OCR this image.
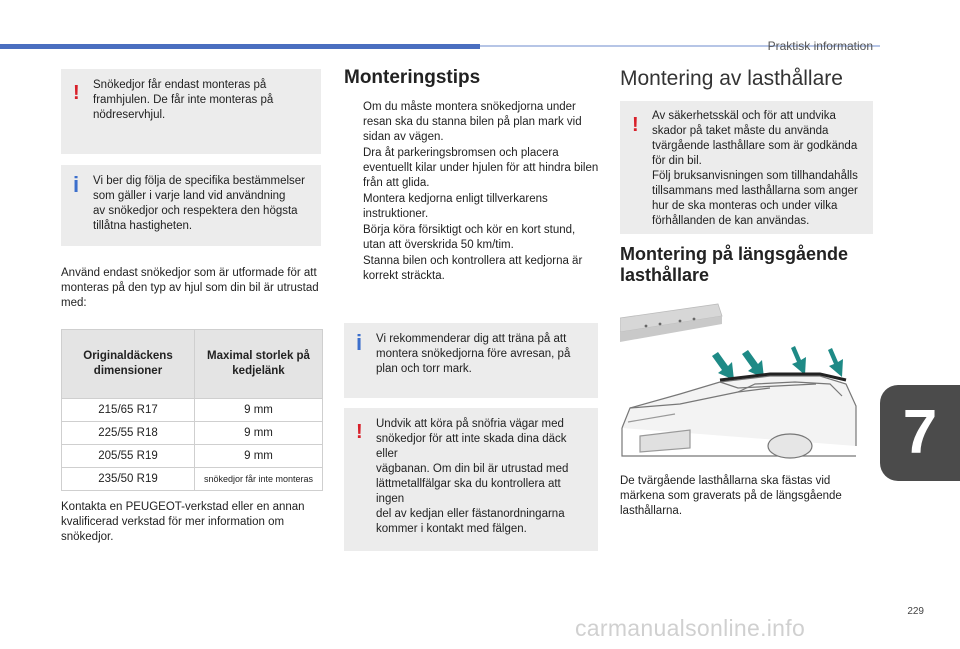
Praktisk information
!	Snökedjor får endast monteras på
framhjulen. De får inte monteras på
nödreservhjul.
i	Vi ber dig följa de specifika bestämmelser
som gäller i varje land vid användning
av snökedjor och respektera den högsta
tillåtna hastigheten.
Använd endast snökedjor som är utformade för att monteras på den typ av hjul som din bil är utrustad med:
Originaldäckens dimensioner	Maximal storlek på kedjelänk
215/65 R17	9 mm
225/55 R18	9 mm
205/55 R19	9 mm
235/50 R19	snökedjor får inte monteras
Kontakta en PEUGEOT-verkstad eller en annan kvalificerad verkstad för mer information om snökedjor.
Monteringstips
Om du måste montera snökedjorna under resan ska du stanna bilen på plan mark vid sidan av vägen.
Dra åt parkeringsbromsen och placera eventuellt kilar under hjulen för att hindra bilen från att glida.
Montera kedjorna enligt tillverkarens instruktioner.
Börja köra försiktigt och kör en kort stund, utan att överskrida 50 km/tim.
Stanna bilen och kontrollera att kedjorna är korrekt sträckta.
i	Vi rekommenderar dig att träna på att
montera snökedjorna före avresan, på
plan och torr mark.
!	Undvik att köra på snöfria vägar med
snökedjor för att inte skada dina däck eller
vägbanan. Om din bil är utrustad med
lättmetallfälgar ska du kontrollera att ingen
del av kedjan eller fästanordningarna
kommer i kontakt med fälgen.
Montering av lasthållare
!	Av säkerhetsskäl och för att undvika
skador på taket måste du använda
tvärgående lasthållare som är godkända
för din bil.
Följ bruksanvisningen som tillhandahålls
tillsammans med lasthållarna som anger
hur de ska monteras och under vilka
förhållanden de kan användas.
Montering på längsgående lasthållare
De tvärgående lasthållarna ska fästas vid märkena som graverats på de längsgående lasthållarna.
7
229
carmanualsonline.info
